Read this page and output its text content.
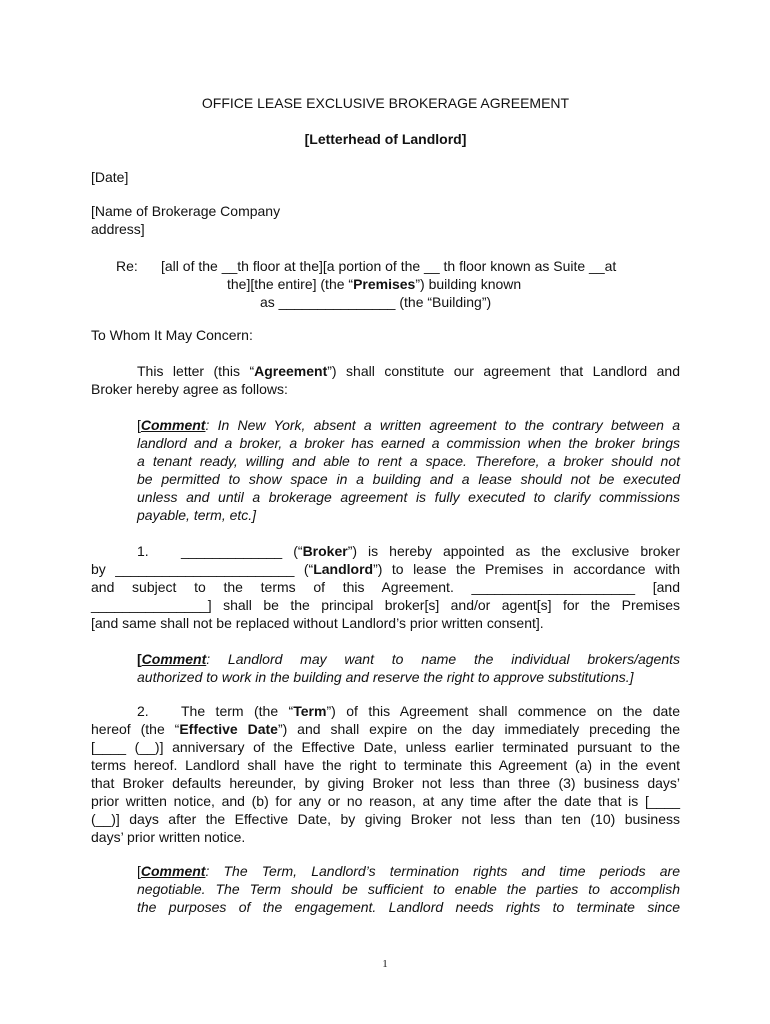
OFFICE LEASE EXCLUSIVE BROKERAGE AGREEMENT
[Letterhead of Landlord]
[Date]
[Name of Brokerage Company
address]
Re: [all of the __th floor at the][a portion of the __ th floor known as Suite __at
the][the entire] (the “Premises”) building known
as _______________ (the “Building”)
To Whom It May Concern:
This letter (this “Agreement”) shall constitute our agreement that Landlord and
Broker hereby agree as follows:
[Comment: In New York, absent a written agreement to the contrary between a
landlord and a broker, a broker has earned a commission when the broker brings
a tenant ready, willing and able to rent a space. Therefore, a broker should not
be permitted to show space in a building and a lease should not be executed
unless and until a brokerage agreement is fully executed to clarify commissions
payable, term, etc.]
1. _____________ (“Broker”) is hereby appointed as the exclusive broker
by _______________________ (“Landlord”) to lease the Premises in accordance with
and subject to the terms of this Agreement. _____________________ [and
_______________] shall be the principal broker[s] and/or agent[s] for the Premises
[and same shall not be replaced without Landlord’s prior written consent].
[Comment: Landlord may want to name the individual brokers/agents
authorized to work in the building and reserve the right to approve substitutions.]
2. The term (the “Term”) of this Agreement shall commence on the date
hereof (the “Effective Date”) and shall expire on the day immediately preceding the
[____ (__)] anniversary of the Effective Date, unless earlier terminated pursuant to the
terms hereof. Landlord shall have the right to terminate this Agreement (a) in the event
that Broker defaults hereunder, by giving Broker not less than three (3) business days’
prior written notice, and (b) for any or no reason, at any time after the date that is [____
(__)] days after the Effective Date, by giving Broker not less than ten (10) business
days’ prior written notice.
[Comment: The Term, Landlord’s termination rights and time periods are
negotiable. The Term should be sufficient to enable the parties to accomplish
the purposes of the engagement. Landlord needs rights to terminate since
1
